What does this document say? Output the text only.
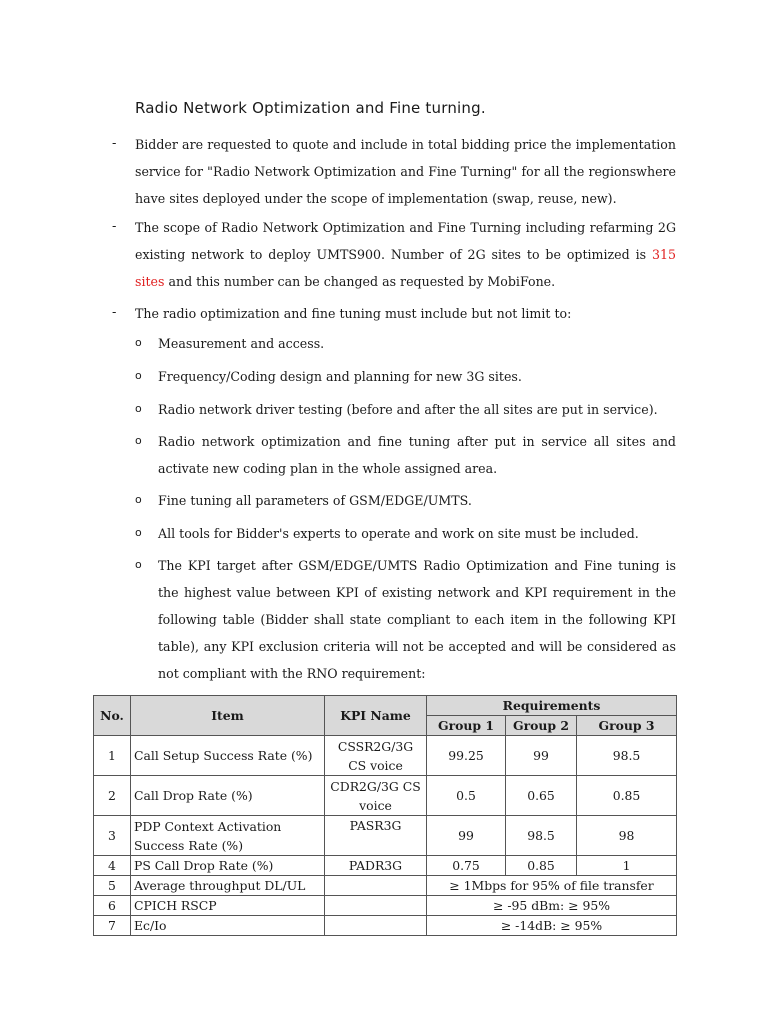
Radio Network Optimization and Fine turning.
- Bidder are requested to quote and include in total bidding price the implementation service for "Radio Network Optimization and Fine Turning" for all the regionswhere have sites deployed under the scope of implementation (swap, reuse, new).
- The scope of Radio Network Optimization and Fine Turning including refarming 2G existing network to deploy UMTS900. Number of 2G sites to be optimized is 315 sites and this number can be changed as requested by MobiFone.
- The radio optimization and fine tuning must include but not limit to:
o Measurement and access.
o Frequency/Coding design and planning for new 3G sites.
o Radio network driver testing (before and after the all sites are put in service).
o Radio network optimization and fine tuning after put in service all sites and activate new coding plan in the whole assigned area.
o Fine tuning all parameters of GSM/EDGE/UMTS.
o All tools for Bidder's experts to operate and work on site must be included.
o The KPI target after GSM/EDGE/UMTS Radio Optimization and Fine tuning is the highest value between KPI of existing network and KPI requirement in the following table (Bidder shall state compliant to each item in the following KPI table), any KPI exclusion criteria will not be accepted and will be considered as not compliant with the RNO requirement:
No.	Item	KPI Name	Requirements		
			Group 1	Group 2	Group 3
1	Call Setup Success Rate (%)	CSSR2G/3G CS voice	99.25	99	98.5
2	Call Drop Rate (%)	CDR2G/3G CS voice	0.5	0.65	0.85
3	PDP Context Activation Success Rate (%)	PASR3G	99	98.5	98
4	PS Call Drop Rate (%)	PADR3G	0.75	0.85	1
5	Average throughput DL/UL		≥ 1Mbps for 95% of file transfer		
6	CPICH RSCP		≥ -95 dBm: ≥ 95%		
7	Ec/Io		≥ -14dB: ≥ 95%		
